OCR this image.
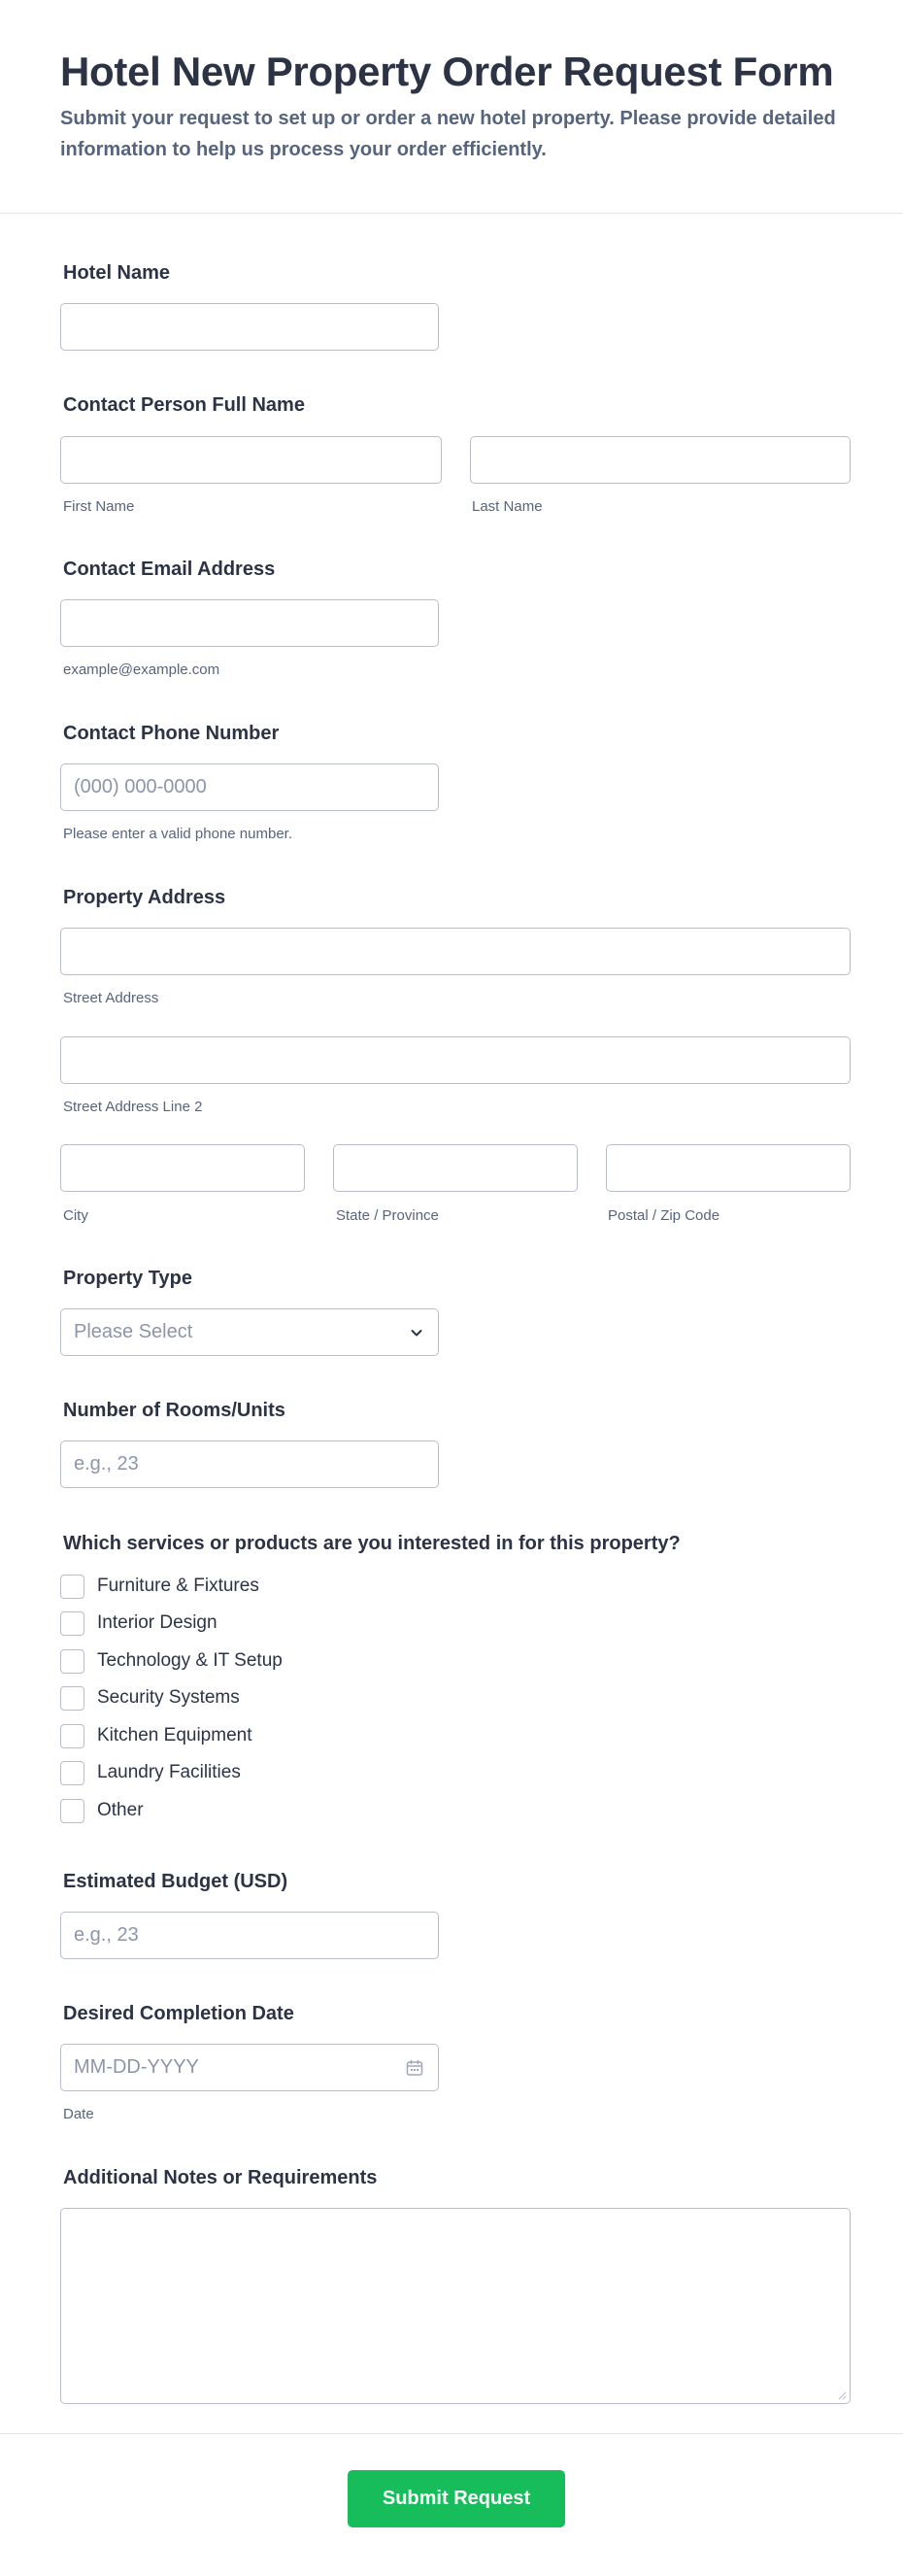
Hotel New Property Order Request Form
Submit your request to set up or order a new hotel property. Please provide detailed information to help us process your order efficiently.
Hotel Name
Contact Person Full Name
First Name	Last Name
Contact Email Address
example@example.com
Contact Phone Number
(000) 000-0000
Please enter a valid phone number.
Property Address
Street Address
Street Address Line 2
City	State / Province	Postal / Zip Code
Property Type
Please Select
Number of Rooms/Units
e.g., 23
Which services or products are you interested in for this property?
Furniture & Fixtures
Interior Design
Technology & IT Setup
Security Systems
Kitchen Equipment
Laundry Facilities
Other
Estimated Budget (USD)
e.g., 23
Desired Completion Date
MM-DD-YYYY
Date
Additional Notes or Requirements
Submit Request
